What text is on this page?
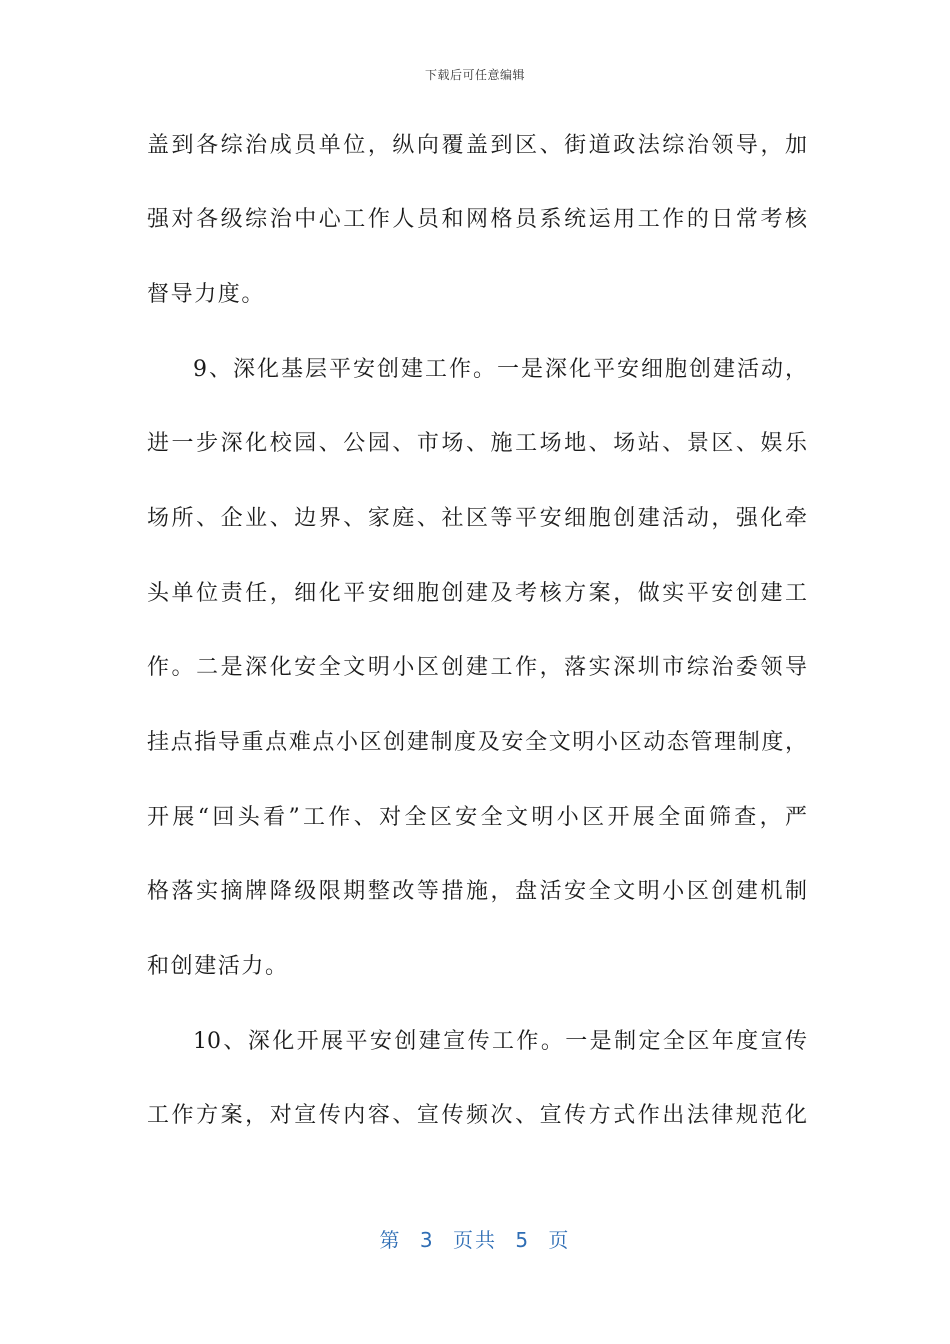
下载后可任意编辑
盖到各综治成员单位，纵向覆盖到区、街道政法综治领导，加
强对各级综治中心工作人员和网格员系统运用工作的日常考核
督导力度。
9、深化基层平安创建工作。一是深化平安细胞创建活动，
进一步深化校园、公园、市场、施工场地、场站、景区、娱乐
场所、企业、边界、家庭、社区等平安细胞创建活动，强化牵
头单位责任，细化平安细胞创建及考核方案，做实平安创建工
作。二是深化安全文明小区创建工作，落实深圳市综治委领导
挂点指导重点难点小区创建制度及安全文明小区动态管理制度，
开展“回头看”工作、对全区安全文明小区开展全面筛查，严
格落实摘牌降级限期整改等措施，盘活安全文明小区创建机制
和创建活力。
10、深化开展平安创建宣传工作。一是制定全区年度宣传
工作方案，对宣传内容、宣传频次、宣传方式作出法律规范化
第 3 页共 5 页
